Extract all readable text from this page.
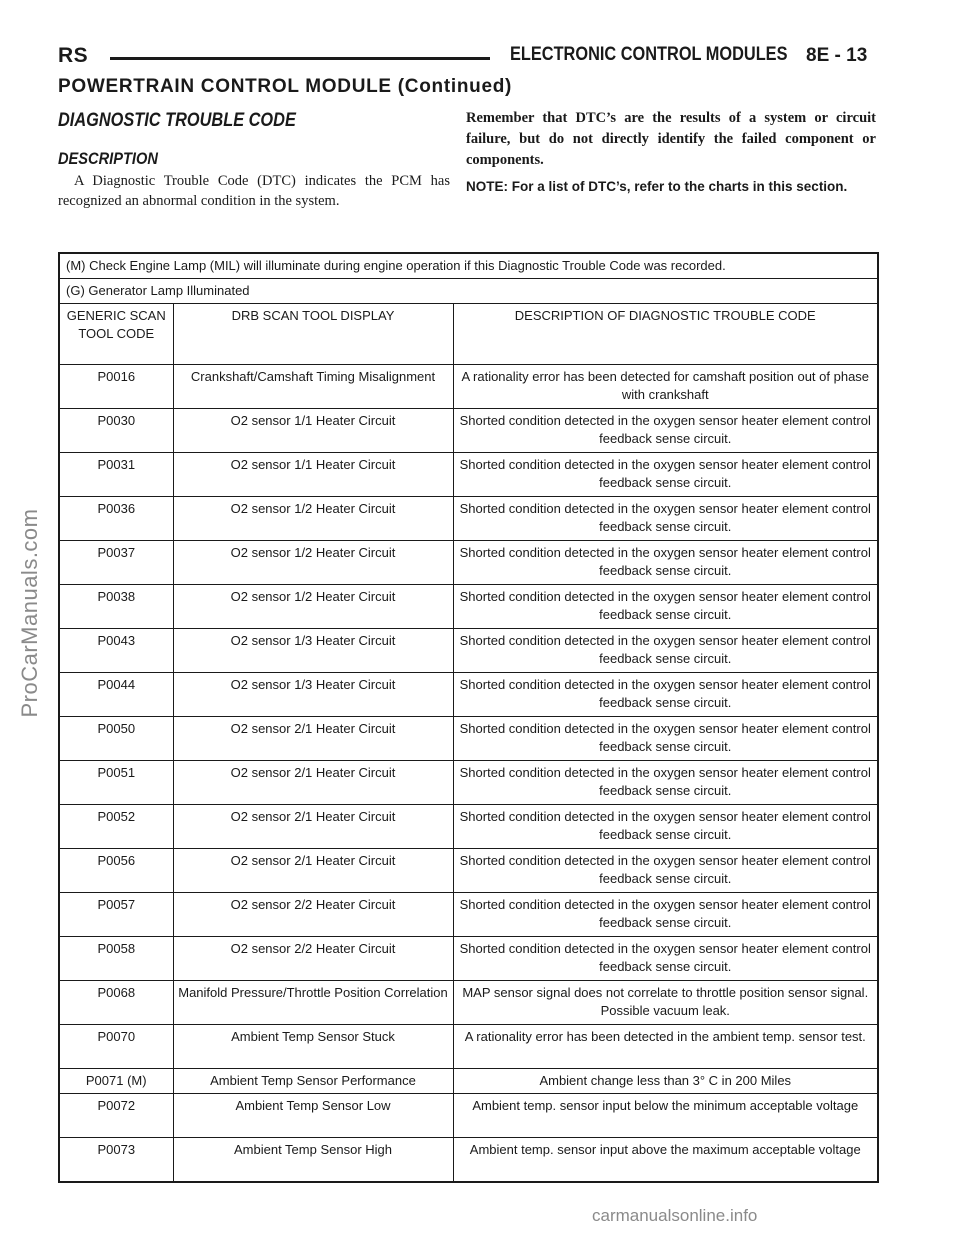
RS	ELECTRONIC CONTROL MODULES 8E - 13
POWERTRAIN CONTROL MODULE (Continued)
DIAGNOSTIC TROUBLE CODE
DESCRIPTION

A Diagnostic Trouble Code (DTC) indicates the PCM has recognized an abnormal condition in the system.

Remember that DTC’s are the results of a system or circuit failure, but do not directly identify the failed component or components.

NOTE: For a list of DTC’s, refer to the charts in this section.

(M) Check Engine Lamp (MIL) will illuminate during engine operation if this Diagnostic Trouble Code was recorded.		
(G) Generator Lamp Illuminated		
GENERIC SCAN TOOL CODE	DRB SCAN TOOL DISPLAY	DESCRIPTION OF DIAGNOSTIC TROUBLE CODE
P0016	Crankshaft/Camshaft Timing Misalignment	A rationality error has been detected for camshaft position out of phase with crankshaft
P0030	O2 sensor 1/1 Heater Circuit	Shorted condition detected in the oxygen sensor heater element control feedback sense circuit.
P0031	O2 sensor 1/1 Heater Circuit	Shorted condition detected in the oxygen sensor heater element control feedback sense circuit.
P0036	O2 sensor 1/2 Heater Circuit	Shorted condition detected in the oxygen sensor heater element control feedback sense circuit.
P0037	O2 sensor 1/2 Heater Circuit	Shorted condition detected in the oxygen sensor heater element control feedback sense circuit.
P0038	O2 sensor 1/2 Heater Circuit	Shorted condition detected in the oxygen sensor heater element control feedback sense circuit.
P0043	O2 sensor 1/3 Heater Circuit	Shorted condition detected in the oxygen sensor heater element control feedback sense circuit.
P0044	O2 sensor 1/3 Heater Circuit	Shorted condition detected in the oxygen sensor heater element control feedback sense circuit.
P0050	O2 sensor 2/1 Heater Circuit	Shorted condition detected in the oxygen sensor heater element control feedback sense circuit.
P0051	O2 sensor 2/1 Heater Circuit	Shorted condition detected in the oxygen sensor heater element control feedback sense circuit.
P0052	O2 sensor 2/1 Heater Circuit	Shorted condition detected in the oxygen sensor heater element control feedback sense circuit.
P0056	O2 sensor 2/1 Heater Circuit	Shorted condition detected in the oxygen sensor heater element control feedback sense circuit.
P0057	O2 sensor 2/2 Heater Circuit	Shorted condition detected in the oxygen sensor heater element control feedback sense circuit.
P0058	O2 sensor 2/2 Heater Circuit	Shorted condition detected in the oxygen sensor heater element control feedback sense circuit.
P0068	Manifold Pressure/Throttle Position Correlation	MAP sensor signal does not correlate to throttle position sensor signal. Possible vacuum leak.
P0070	Ambient Temp Sensor Stuck	A rationality error has been detected in the ambient temp. sensor test.
P0071 (M)	Ambient Temp Sensor Performance	Ambient change less than 3° C in 200 Miles
P0072	Ambient Temp Sensor Low	Ambient temp. sensor input below the minimum acceptable voltage
P0073	Ambient Temp Sensor High	Ambient temp. sensor input above the maximum acceptable voltage
ProCarManuals.com
carmanualsonline.info
